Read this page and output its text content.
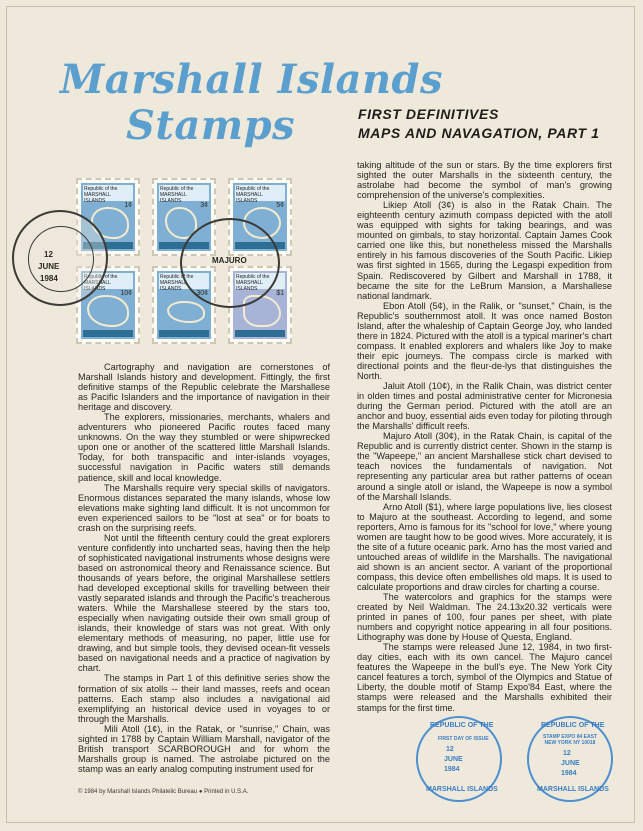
Marshall Islands
Stamps	FIRST DEFINITIVES
MAPS AND NAVAGATION, PART 1
Republic of the MARSHALL ISLANDS
1¢
Republic of the MARSHALL ISLANDS
3¢
Republic of the MARSHALL ISLANDS
5¢
Republic of the MARSHALL ISLANDS
10¢
Republic of the MARSHALL ISLANDS
30¢
Republic of the MARSHALL ISLANDS
$1
12
JUNE
1984
MAJURO

Cartography and navigation are cornerstones of Marshall Islands history and development. Fittingly, the first definitive stamps of the Republic celebrate the Marshallese as Pacific Islanders and the importance of navigation in their heritage and discovery.

The explorers, missionaries, merchants, whalers and adventurers who pioneered Pacific routes faced many unknowns. On the way they stumbled or were shipwrecked upon one or another of the scattered little Marshall Islands. Today, for both transpacific and inter-islands voyages, successful navigation in Pacific waters still demands patience, skill and local knowledge.

The Marshalls require very special skills of navigators. Enormous distances separated the many islands, whose low elevations make sighting land difficult. It is not uncommon for even experienced sailors to be "lost at sea" or for boats to crash on the surprising reefs.

Not until the fifteenth century could the great explorers venture confidently into uncharted seas, having then the help of sophisticated navigational instruments whose designs were based on astronomical theory and Renaissance science. But thousands of years before, the original Marshallese settlers had developed exceptional skills for travelling between their vastly separated islands and through the Pacific's treacherous waters. While the Marshallese steered by the stars too, especially when navigating outside their own small group of islands, their knowledge of stars was not great. With only elementary methods of measuring, no paper, little use for drawing, and but simple tools, they devised ocean-fit vessels based on navigational needs and a practice of nagivation by chart.

The stamps in Part 1 of this definitive series show the formation of six atolls -- their land masses, reefs and ocean patterns. Each stamp also includes a navigational aid exemplifying an historical device used in voyages to or through the Marshalls.

Mili Atoll (1¢), in the Ratak, or "sunrise," Chain, was sighted in 1788 by Captain William Marshall, navigator of the British transport SCARBOROUGH and for whom the Marshalls group is named. The astrolabe pictured on the stamp was an early analog computing instrument used for

taking altitude of the sun or stars. By the time explorers first sighted the outer Marshalls in the sixteenth century, the astrolabe had become the symbol of man's growing comprehension of the universe's complexities.

Likiep Atoll (3¢) is also in the Ratak Chain. The eighteenth century azimuth compass depicted with the atoll was equipped with sights for taking bearings, and was mounted on gimbals, to stay horizontal. Captain James Cook carried one like this, but nonetheless missed the Marshalls entirely in his famous discoveries of the South Pacific. Likiep was first sighted in 1565, during the Legaspi expedition from Spain. Rediscovered by Gilbert and Marshall in 1788, it became the site for the LeBrum Mansion, a Marshallese national landmark.

Ebon Atoll (5¢), in the Ralik, or "sunset," Chain, is the Republic's southernmost atoll. It was once named Boston Island, after the whaleship of Captain George Joy, who landed there in 1824. Pictured with the atoll is a typical mariner's chart compass. It enabled explorers and whalers like Joy to make their epic journeys. The compass circle is marked with directional points and the fleur-de-lys that distinguishes the North.

Jaluit Atoll (10¢), in the Ralik Chain, was district center in olden times and postal administrative center for Micronesia during the German period. Pictured with the atoll are an anchor and buoy, essential aids even today for piloting through the Marshalls' difficult reefs.

Majuro Atoll (30¢), in the Ratak Chain, is capital of the Republic and is currently district center. Shown in the stamp is the "Wapeepe," an ancient Marshallese stick chart devised to teach novices the fundamentals of navigation. Not representing any particular area but rather patterns of ocean around a single atoll or island, the Wapeepe is now a symbol of the Marshall Islands.

Arno Atoll ($1), where large populations live, lies closest to Majuro at the southeast. According to legend, and some reporters, Arno is famous for its "school for love," where young women are taught how to be good wives. More accurately, it is the site of a future oceanic park. Arno has the most varied and untouched areas of wildlife in the Marshalls. The navigational aid shown is an ancient sector. A variant of the proportional compass, this device often embellishes old maps. It is used to calculate proportions and draw circles for charting a course.

The watercolors and graphics for the stamps were created by Neil Waldman. The 24.13x20.32 verticals were printed in panes of 100, four panes per sheet, with plate numbers and copyright notice appearing in all four positions. Lithography was done by House of Questa, England.

The stamps were released June 12, 1984, in two first-day cities, each with its own cancel. The Majuro cancel features the Wapeepe in the bull's eye. The New York City cancel features a torch, symbol of the Olympics and Statue of Liberty, the double motif of Stamp Expo'84 East, where the stamps were released and the Marshalls exhibited their stamps for the first time.

REPUBLIC OF THE
FIRST DAY OF ISSUE
12
JUNE
1984
MARSHALL ISLANDS
REPUBLIC OF THE
STAMP EXPO 84 EAST NEW YORK NY 10018
12
JUNE
1984
MARSHALL ISLANDS
© 1984 by Marshall Islands Philatelic Bureau ● Printed in U.S.A.
